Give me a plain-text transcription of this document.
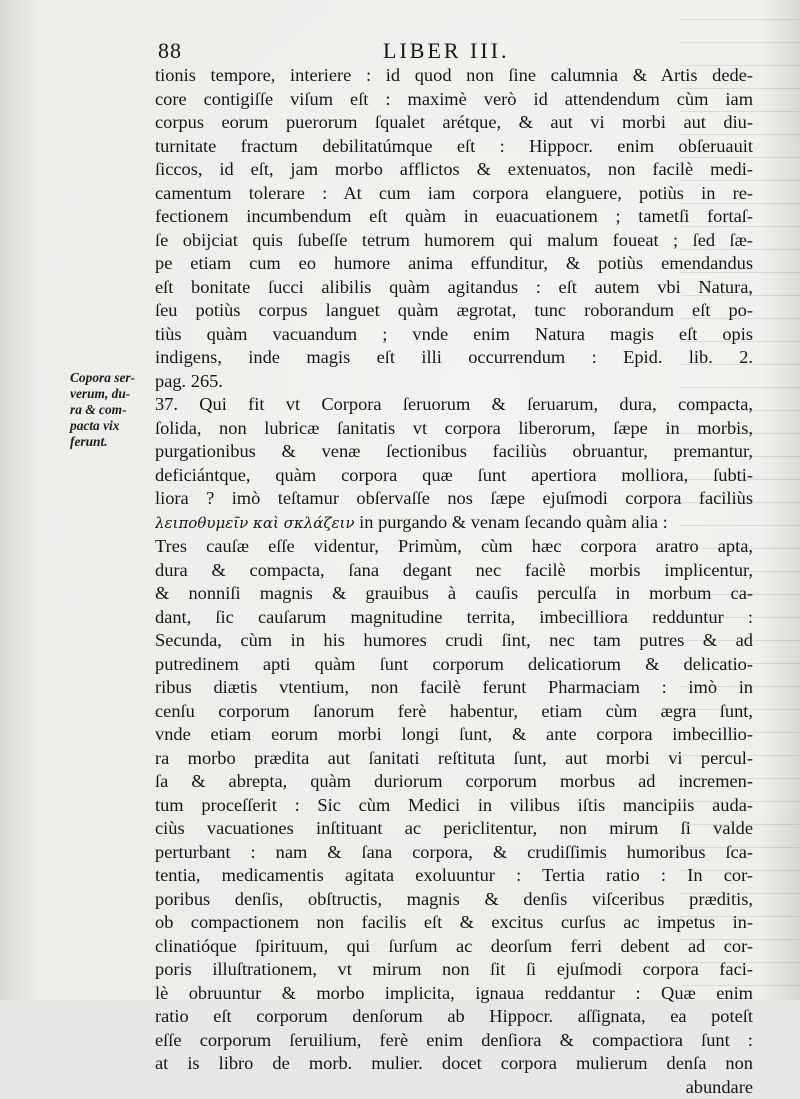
88	LIBER III.
Copora ser-
verum, du-
ra & com-
pacta vix
ferunt.
tionis tempore, interiere : id quod non ſine calumnia & Artis dede-
core contigiſſe viſum eſt : maximè verò id attendendum cùm iam
corpus eorum puerorum ſqualet arétque, & aut vi morbi aut diu-
turnitate fractum debilitatúmque eſt : Hippocr. enim obſeruauit
ſiccos, id eſt, jam morbo afflictos & extenuatos, non facilè medi-
camentum tolerare : At cum iam corpora elanguere, potiùs in re-
fectionem incumbendum eſt quàm in euacuationem ; tametſi fortaſ-
ſe obijciat quis ſubeſſe tetrum humorem qui malum foueat ; ſed ſæ-
pe etiam cum eo humore anima effunditur, & potiùs emendandus
eſt bonitate ſucci alibilis quàm agitandus : eſt autem vbi Natura,
ſeu potiùs corpus languet quàm ægrotat, tunc roborandum eſt po-
tiùs quàm vacuandum ; vnde enim Natura magis eſt opis
indigens, inde magis eſt illi occurrendum : Epid. lib. 2.
pag. 265.
37. Qui fit vt Corpora ſeruorum & ſeruarum, dura, compacta,
ſolida, non lubricæ ſanitatis vt corpora liberorum, ſæpe in morbis,
purgationibus & venæ ſectionibus faciliùs obruantur, premantur,
deficiántque, quàm corpora quæ ſunt apertiora molliora, ſubti-
liora ? imò teſtamur obſervaſſe nos ſæpe ejuſmodi corpora faciliùs
λειποθυμεῖν καὶ σκλάζειν in purgando & venam ſecando quàm alia :
Tres cauſæ eſſe videntur, Primùm, cùm hæc corpora aratro apta,
dura & compacta, ſana degant nec facilè morbis implicentur,
& nonniſi magnis & grauibus à cauſis perculſa in morbum ca-
dant, ſic cauſarum magnitudine territa, imbecilliora redduntur :
Secunda, cùm in his humores crudi ſint, nec tam putres & ad
putredinem apti quàm ſunt corporum delicatiorum & delicatio-
ribus diætis vtentium, non facilè ferunt Pharmaciam : imò in
cenſu corporum ſanorum ferè habentur, etiam cùm ægra ſunt,
vnde etiam eorum morbi longi ſunt, & ante corpora imbecillio-
ra morbo prædita aut ſanitati reſtituta ſunt, aut morbi vi percul-
ſa & abrepta, quàm duriorum corporum morbus ad incremen-
tum proceſſerit : Sic cùm Medici in vilibus iſtis mancipiis auda-
ciùs vacuationes inſtituant ac periclitentur, non mirum ſi valde
perturbant : nam & ſana corpora, & crudiſſimis humoribus ſca-
tentia, medicamentis agitata exoluuntur : Tertia ratio : In cor-
poribus denſis, obſtructis, magnis & denſis viſceribus præditis,
ob compactionem non facilis eſt & excitus curſus ac impetus in-
clinatióque ſpirituum, qui ſurſum ac deorſum ferri debent ad cor-
poris illuſtrationem, vt mirum non ſit ſi ejuſmodi corpora faci-
lè obruuntur & morbo implicita, ignaua reddantur : Quæ enim
ratio eſt corporum denſorum ab Hippocr. aſſignata, ea poteſt
eſſe corporum ſeruilium, ferè enim denſiora & compactiora ſunt :
at is libro de morb. mulier. docet corpora mulierum denſa non
abundare
